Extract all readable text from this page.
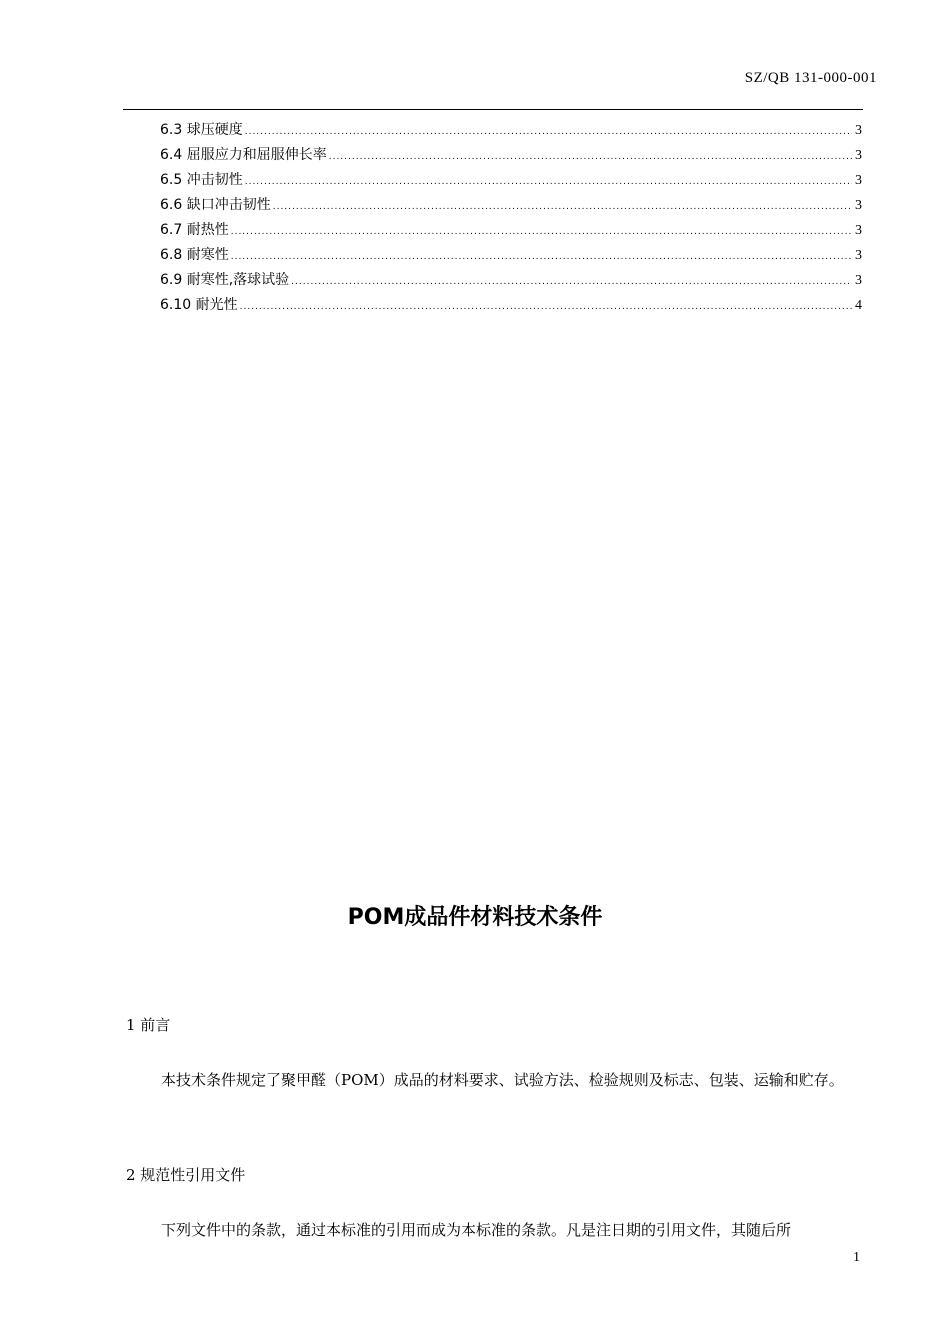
SZ/QB 131-000-001
6.3 球压硬度 .....	3
6.4 屈服应力和屈服伸长率 .....	3
6.5 冲击韧性 .....	3
6.6 缺口冲击韧性 .....	3
6.7 耐热性 .....	3
6.8 耐寒性 .....	3
6.9 耐寒性,落球试验 .....	3
6.10 耐光性 .....	4
POM成品件材料技术条件
1 前言

本技术条件规定了聚甲醛（POM）成品的材料要求、试验方法、检验规则及标志、包装、运输和贮存。

2 规范性引用文件

下列文件中的条款，通过本标准的引用而成为本标准的条款。凡是注日期的引用文件，其随后所

1
